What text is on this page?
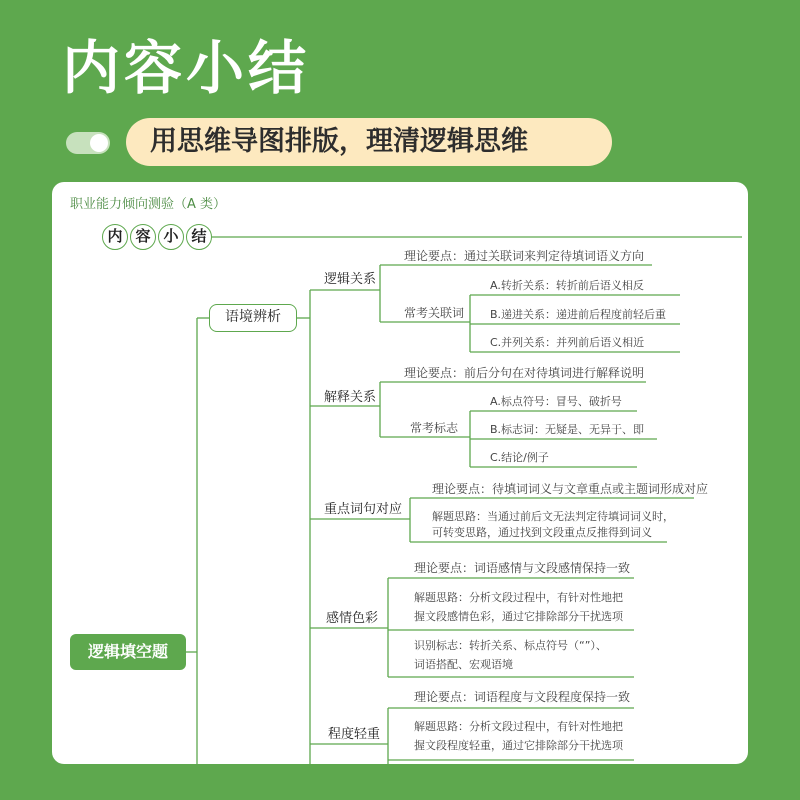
内容小结
用思维导图排版，理清逻辑思维
职业能力倾向测验（A 类）
内 容 小 结
逻辑填空题
语境辨析
逻辑关系
理论要点：通过关联词来判定待填词语义方向
常考关联词
A.转折关系：转折前后语义相反
B.递进关系：递进前后程度前轻后重
C.并列关系：并列前后语义相近
解释关系
理论要点：前后分句在对待填词进行解释说明
常考标志
A.标点符号：冒号、破折号
B.标志词：无疑是、无异于、即
C.结论/例子
重点词句对应
理论要点：待填词词义与文章重点或主题词形成对应
解题思路：当通过前后文无法判定待填词词义时，
可转变思路，通过找到文段重点反推得到词义
感情色彩
理论要点：词语感情与文段感情保持一致
解题思路：分析文段过程中，有针对性地把
握文段感情色彩，通过它排除部分干扰选项
识别标志：转折关系、标点符号（“”）、
词语搭配、宏观语境
程度轻重
理论要点：词语程度与文段程度保持一致
解题思路：分析文段过程中，有针对性地把
握文段程度轻重，通过它排除部分干扰选项
